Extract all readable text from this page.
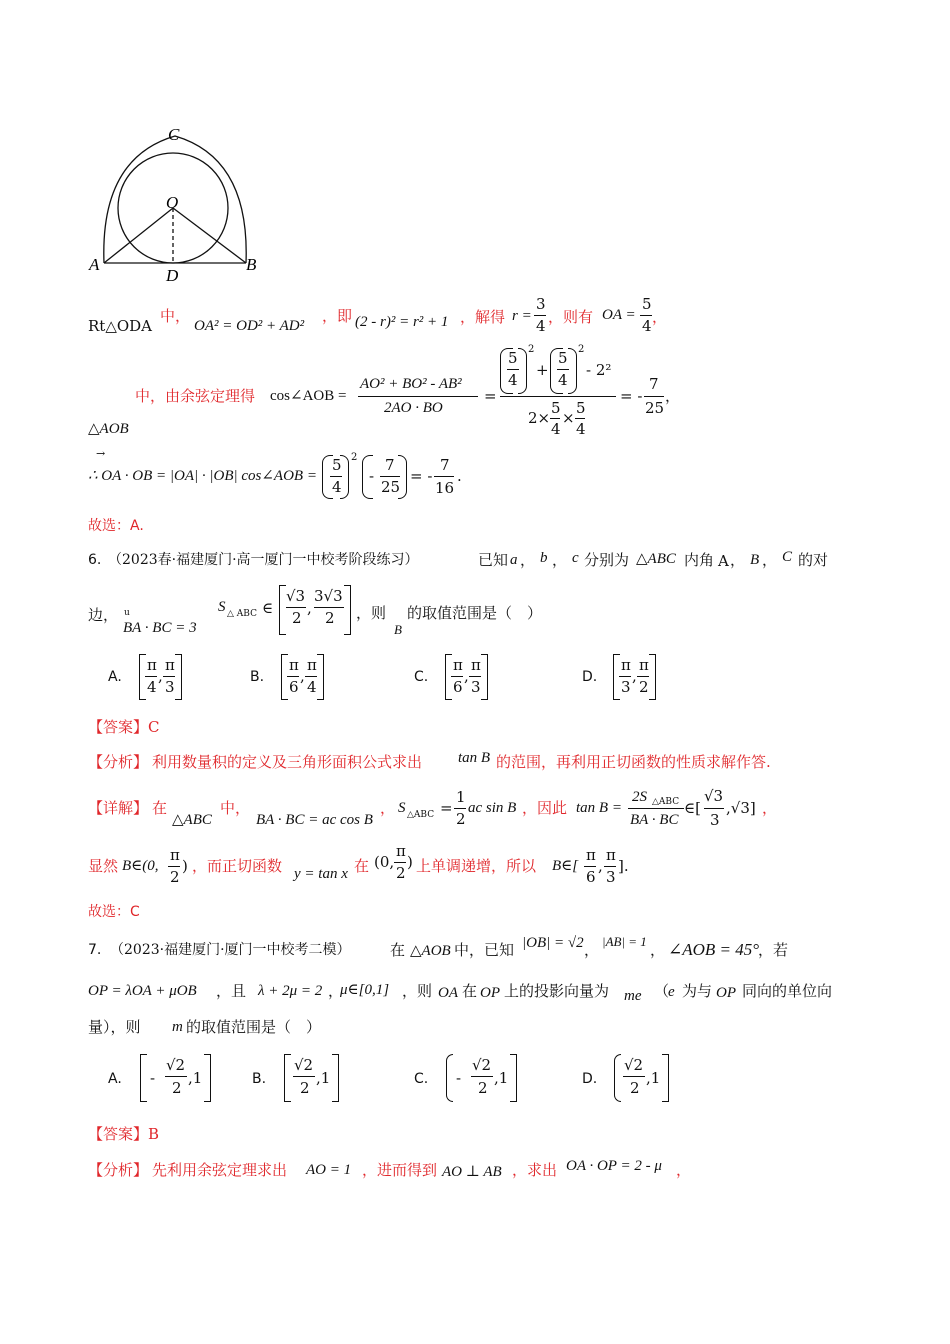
C
O
A
D
B
Rt△ODA
中，
OA² = OD² + AD²
，即 (2 - r)² = r² + 1 ，解得 r =
3
4 ，则有 OA =
5
4 ，
中，由余弦定理得 cos∠AOB =
AO² + BO² - AB²
2AO · BO
=
5
4
2
+
5
4
2
- 2²
2×
5
4
×
5
4
= -
7
25
，
△AOB
→
∴ OA · OB = |OA| · |OB| cos∠AOB =
5
4
2
-
7
25
= -
7
16
.
故选：A.
6. （2023春·福建厦门·高一厦门一中校考阶段练习）	已知 a ， b ， c 分别为 △ABC 内角 A ， B ， C 的对
边， u
BA · BC = 3
S △ ABC ∈
√3
2
,
3√3
2 ，则
B
的取值范围是（　）
A.
π
4
,
π
3
B.
π
6
,
π
4
C.
π
6
,
π
3
D.
π
3
,
π
2
【答案】C
【分析】 利用数量积的定义及三角形面积公式求出 tan B 的范围，再利用正切函数的性质求解作答.
【详解】 在
△ABC
中，
BA · BC = ac cos B
， S △ABC =
1
2
ac sin B ，因此 tan B =
2S △ABC
BA · BC
∈[
√3
3
,√3] ，
显然 B∈(0,
π
2
) ，而正切函数 y = tan x 在 (0,
π
2
) 上单调递增，所以 B∈[
π
6
,
π
3
].
故选：C
7. （2023·福建厦门·厦门一中校考二模）	在 △AOB 中，已知 |OB| = √2 ， |AB| = 1 ， ∠AOB = 45°
，若
OP = λOA + μOB ，且 λ + 2μ = 2 ，
μ∈[0,1] ，则 OA 在 OP 上的投影向量为 me （
e 为与 OP 同向的单位向
量），则 m 的取值范围是（　）
A. -
√2
2
,1	B.
√2
2
,1	C. -
√2
2
,1	D.
√2
2
,1
【答案】B
【分析】 先利用余弦定理求出 AO = 1 ，进而得到 AO ⊥ AB ，求出 OA · OP = 2 - μ ，
